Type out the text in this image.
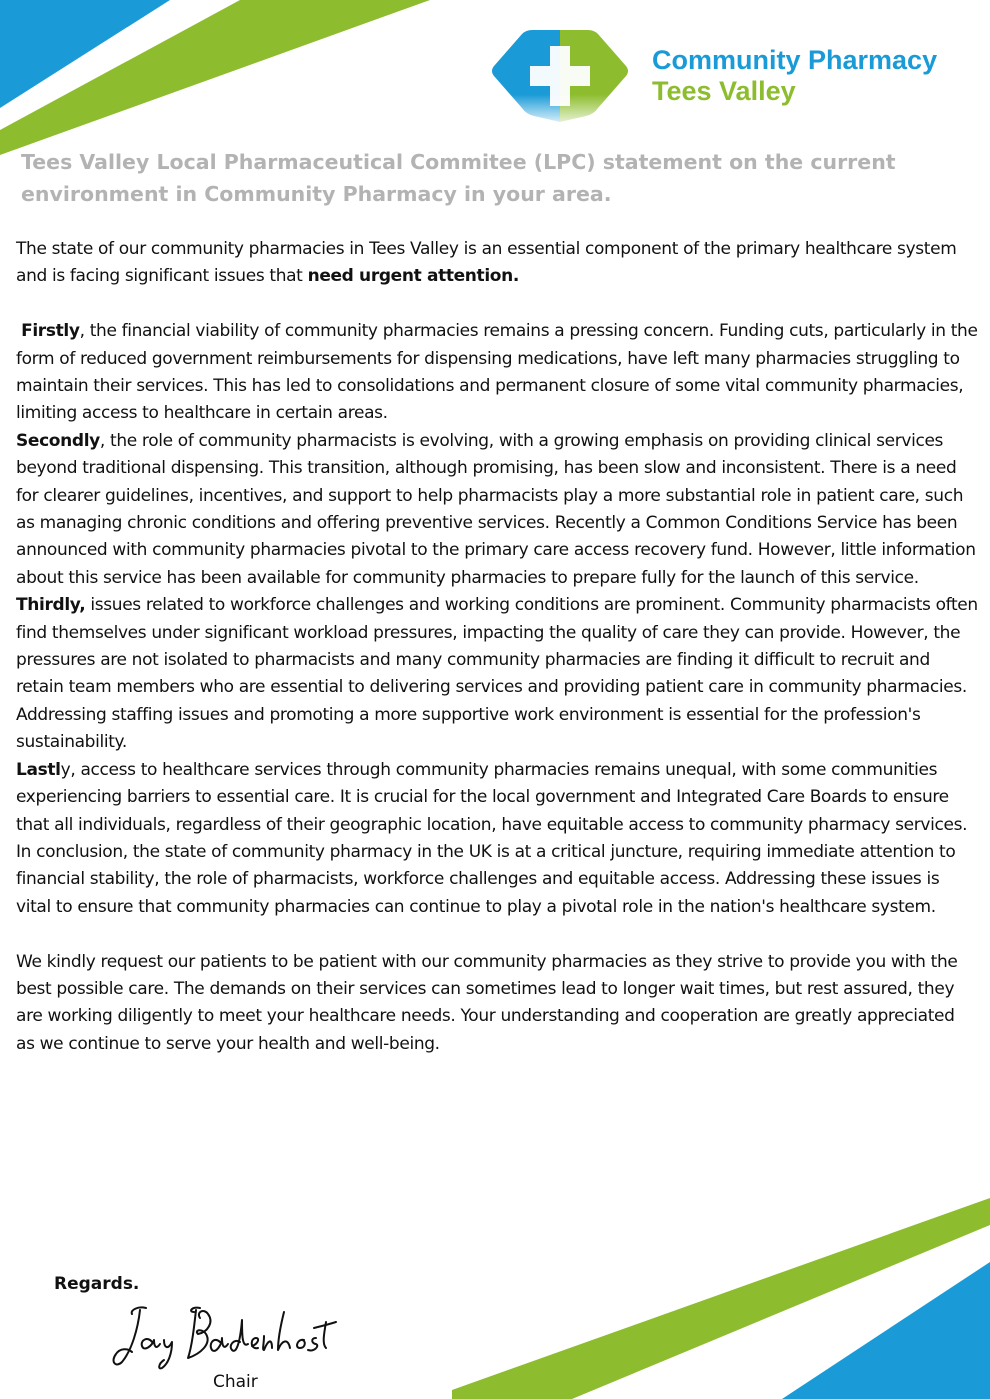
Community Pharmacy
Tees Valley
Tees Valley Local Pharmaceutical Commitee (LPC) statement on the current environment in Community Pharmacy in your area.

The state of our community pharmacies in Tees Valley is an essential component of the primary healthcare system and is facing significant issues that need urgent attention.

Firstly, the financial viability of community pharmacies remains a pressing concern. Funding cuts, particularly in the form of reduced government reimbursements for dispensing medications, have left many pharmacies struggling to maintain their services. This has led to consolidations and permanent closure of some vital community pharmacies, limiting access to healthcare in certain areas.

Secondly, the role of community pharmacists is evolving, with a growing emphasis on providing clinical services beyond traditional dispensing. This transition, although promising, has been slow and inconsistent. There is a need for clearer guidelines, incentives, and support to help pharmacists play a more substantial role in patient care, such as managing chronic conditions and offering preventive services. Recently a Common Conditions Service has been announced with community pharmacies pivotal to the primary care access recovery fund. However, little information about this service has been available for community pharmacies to prepare fully for the launch of this service.

Thirdly, issues related to workforce challenges and working conditions are prominent. Community pharmacists often find themselves under significant workload pressures, impacting the quality of care they can provide. However, the pressures are not isolated to pharmacists and many community pharmacies are finding it difficult to recruit and retain team members who are essential to delivering services and providing patient care in community pharmacies. Addressing staffing issues and promoting a more supportive work environment is essential for the profession's sustainability.

Lastly, access to healthcare services through community pharmacies remains unequal, with some communities experiencing barriers to essential care. It is crucial for the local government and Integrated Care Boards to ensure that all individuals, regardless of their geographic location, have equitable access to community pharmacy services.

In conclusion, the state of community pharmacy in the UK is at a critical juncture, requiring immediate attention to financial stability, the role of pharmacists, workforce challenges and equitable access. Addressing these issues is vital to ensure that community pharmacies can continue to play a pivotal role in the nation's healthcare system.

We kindly request our patients to be patient with our community pharmacies as they strive to provide you with the best possible care. The demands on their services can sometimes lead to longer wait times, but rest assured, they are working diligently to meet your healthcare needs. Your understanding and cooperation are greatly appreciated as we continue to serve your health and well-being.

Regards.
Chair
